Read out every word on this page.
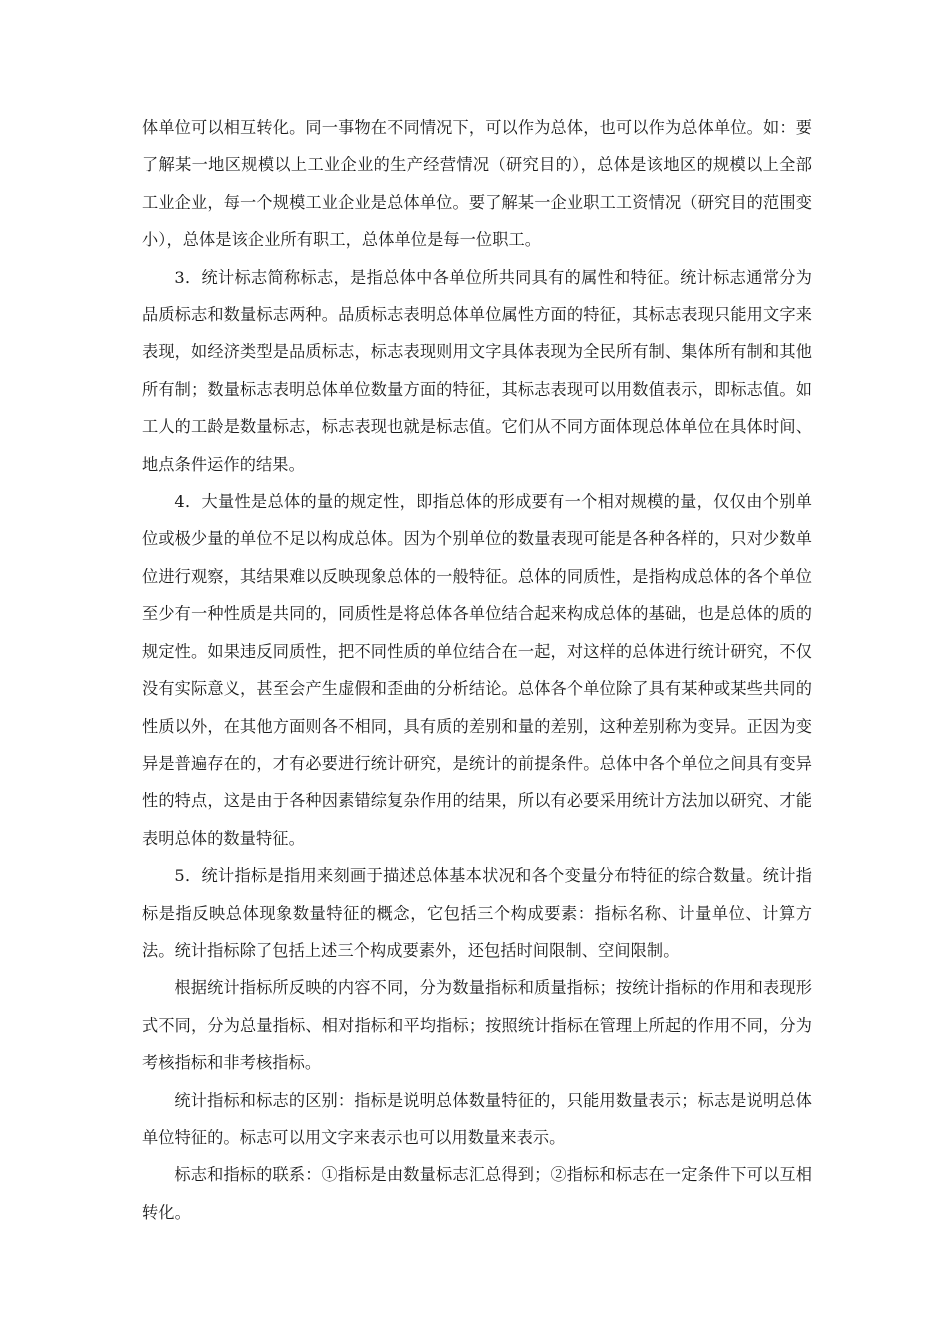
体单位可以相互转化。同一事物在不同情况下，可以作为总体，也可以作为总体单位。如：要了解某一地区规模以上工业企业的生产经营情况（研究目的），总体是该地区的规模以上全部工业企业，每一个规模工业企业是总体单位。要了解某一企业职工工资情况（研究目的范围变小），总体是该企业所有职工，总体单位是每一位职工。

3．统计标志简称标志，是指总体中各单位所共同具有的属性和特征。统计标志通常分为品质标志和数量标志两种。品质标志表明总体单位属性方面的特征，其标志表现只能用文字来表现，如经济类型是品质标志，标志表现则用文字具体表现为全民所有制、集体所有制和其他所有制；数量标志表明总体单位数量方面的特征，其标志表现可以用数值表示，即标志值。如工人的工龄是数量标志，标志表现也就是标志值。它们从不同方面体现总体单位在具体时间、地点条件运作的结果。

4．大量性是总体的量的规定性，即指总体的形成要有一个相对规模的量，仅仅由个别单位或极少量的单位不足以构成总体。因为个别单位的数量表现可能是各种各样的，只对少数单位进行观察，其结果难以反映现象总体的一般特征。总体的同质性，是指构成总体的各个单位至少有一种性质是共同的，同质性是将总体各单位结合起来构成总体的基础，也是总体的质的规定性。如果违反同质性，把不同性质的单位结合在一起，对这样的总体进行统计研究，不仅没有实际意义，甚至会产生虚假和歪曲的分析结论。总体各个单位除了具有某种或某些共同的性质以外，在其他方面则各不相同，具有质的差别和量的差别，这种差别称为变异。正因为变异是普遍存在的，才有必要进行统计研究，是统计的前提条件。总体中各个单位之间具有变异性的特点，这是由于各种因素错综复杂作用的结果，所以有必要采用统计方法加以研究、才能表明总体的数量特征。

5．统计指标是指用来刻画于描述总体基本状况和各个变量分布特征的综合数量。统计指标是指反映总体现象数量特征的概念，它包括三个构成要素：指标名称、计量单位、计算方法。统计指标除了包括上述三个构成要素外，还包括时间限制、空间限制。

根据统计指标所反映的内容不同，分为数量指标和质量指标；按统计指标的作用和表现形式不同，分为总量指标、相对指标和平均指标；按照统计指标在管理上所起的作用不同，分为考核指标和非考核指标。

统计指标和标志的区别：指标是说明总体数量特征的，只能用数量表示；标志是说明总体单位特征的。标志可以用文字来表示也可以用数量来表示。

标志和指标的联系：①指标是由数量标志汇总得到；②指标和标志在一定条件下可以互相转化。
